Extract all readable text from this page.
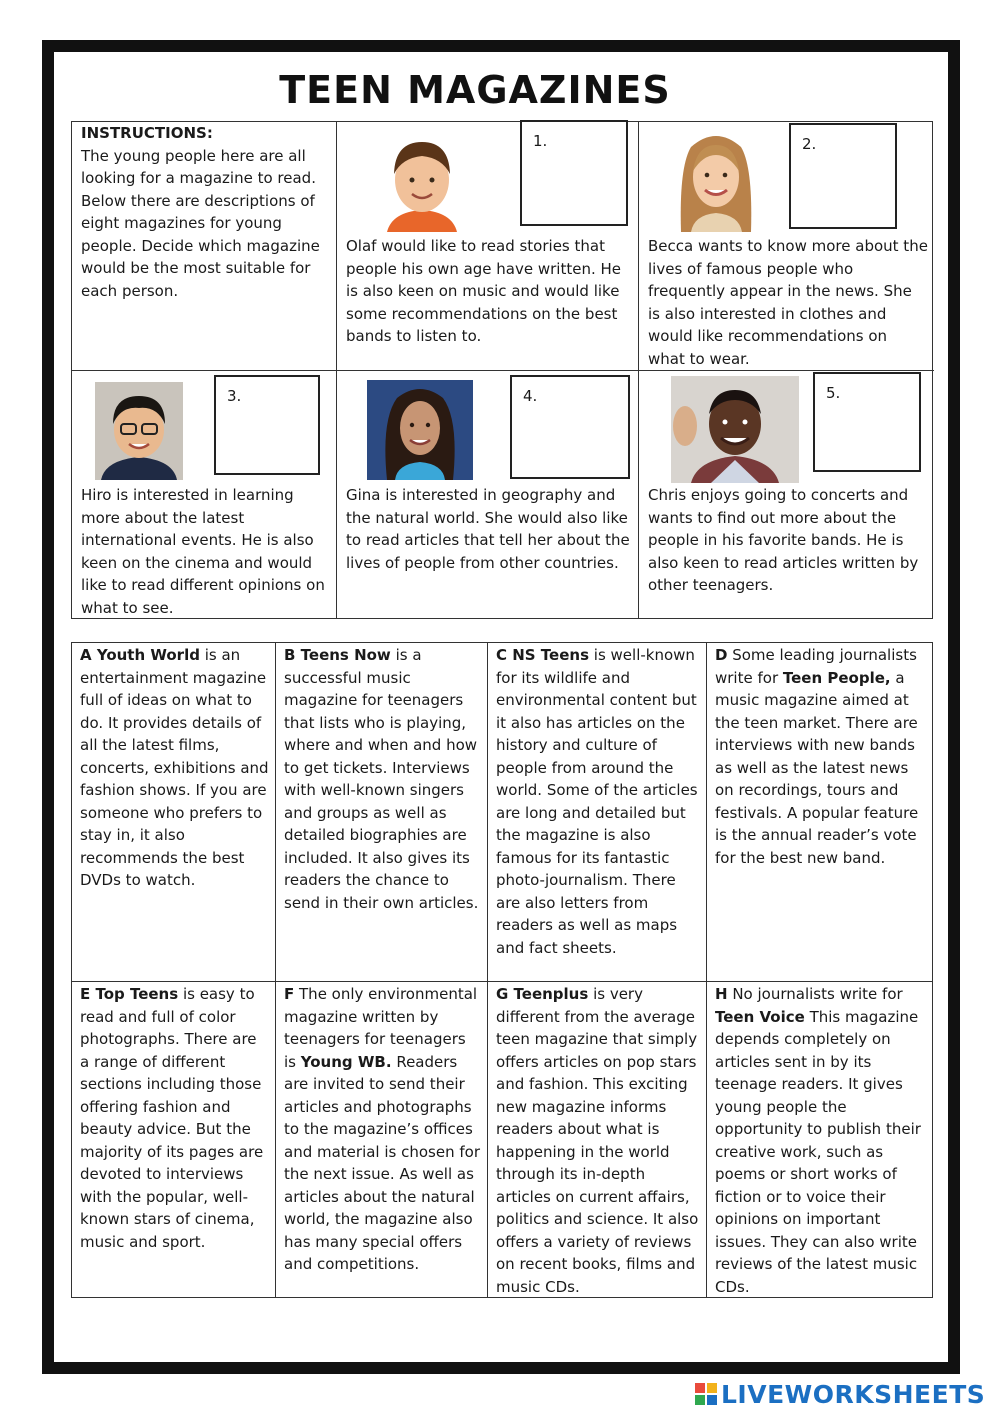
TEEN MAGAZINES
INSTRUCTIONS:
The young people here are all looking for a magazine to read. Below there are descriptions of eight magazines for young people. Decide which magazine would be the most suitable for each person.
1.
Olaf would like to read stories that people his own age have written. He is also keen on music and would like some recommendations on the best bands to listen to.
2.
Becca wants to know more about the lives of famous people who frequently appear in the news. She is also interested in clothes and would like recommendations on what to wear.
3.
Hiro is interested in learning more about the latest international events. He is also keen on the cinema and would like to read different opinions on what to see.
4.
Gina is interested in geography and the natural world. She would also like to read articles that tell her about the lives of people from other countries.
5.
Chris enjoys going to concerts and wants to find out more about the people in his favorite bands. He is also keen to read articles written by other teenagers.
A Youth World is an entertainment magazine full of ideas on what to do. It provides details of all the latest films, concerts, exhibitions and fashion shows. If you are someone who prefers to stay in, it also recommends the best DVDs to watch.
B Teens Now is a successful music magazine for teenagers that lists who is playing, where and when and how to get tickets. Interviews with well-known singers and groups as well as detailed biographies are included. It also gives its readers the chance to send in their own articles.
C NS Teens is well-known for its wildlife and environmental content but it also has articles on the history and culture of people from around the world. Some of the articles are long and detailed but the magazine is also famous for its fantastic photo-journalism. There are also letters from readers as well as maps and fact sheets.
D Some leading journalists write for Teen People, a music magazine aimed at the teen market. There are interviews with new bands as well as the latest news on recordings, tours and festivals. A popular feature is the annual reader’s vote for the best new band.
E Top Teens is easy to read and full of color photographs. There are a range of different sections including those offering fashion and beauty advice. But the majority of its pages are devoted to interviews with the popular, well-known stars of cinema, music and sport.
F The only environmental magazine written by teenagers for teenagers is Young WB. Readers are invited to send their articles and photographs to the magazine’s offices and material is chosen for the next issue. As well as articles about the natural world, the magazine also has many special offers and competitions.
G Teenplus is very different from the average teen magazine that simply offers articles on pop stars and fashion. This exciting new magazine informs readers about what is happening in the world through its in-depth articles on current affairs, politics and science. It also offers a variety of reviews on recent books, films and music CDs.
H No journalists write for Teen Voice This magazine depends completely on articles sent in by its teenage readers. It gives young people the opportunity to publish their creative work, such as poems or short works of fiction or to voice their opinions on important issues. They can also write reviews of the latest music CDs.
LIVEWORKSHEETS
